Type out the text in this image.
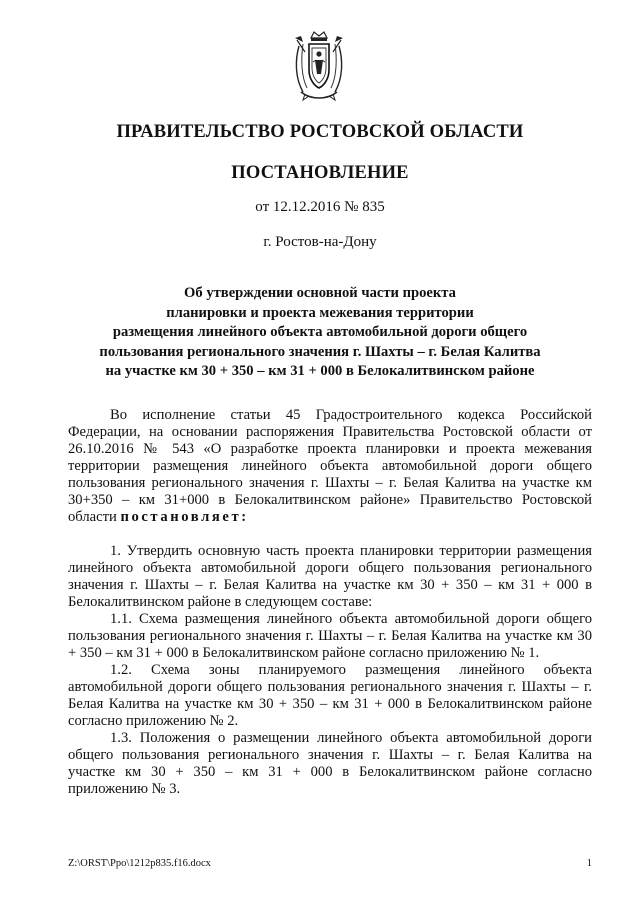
ПРАВИТЕЛЬСТВО РОСТОВСКОЙ ОБЛАСТИ
ПОСТАНОВЛЕНИЕ
от 12.12.2016 № 835
г. Ростов-на-Дону
Об утверждении основной части проекта
планировки и проекта межевания территории
размещения линейного объекта автомобильной дороги общего
пользования регионального значения г. Шахты – г. Белая Калитва
на участке км 30 + 350 – км 31 + 000 в Белокалитвинском районе

Во исполнение статьи 45 Градостроительного кодекса Российской Федерации, на основании распоряжения Правительства Ростовской области от 26.10.2016 № 543 «О разработке проекта планировки и проекта межевания территории размещения линейного объекта автомобильной дороги общего пользования регионального значения г. Шахты – г. Белая Калитва на участке км 30+350 – км 31+000 в Белокалитвинском районе» Правительство Ростовской области постановляет:

1. Утвердить основную часть проекта планировки территории размещения линейного объекта автомобильной дороги общего пользования регионального значения г. Шахты – г. Белая Калитва на участке км 30 + 350 – км 31 + 000 в Белокалитвинском районе в следующем составе:

1.1. Схема размещения линейного объекта автомобильной дороги общего пользования регионального значения г. Шахты – г. Белая Калитва на участке км 30 + 350 – км 31 + 000 в Белокалитвинском районе согласно приложению № 1.

1.2. Схема зоны планируемого размещения линейного объекта автомобильной дороги общего пользования регионального значения г. Шахты – г. Белая Калитва на участке км 30 + 350 – км 31 + 000 в Белокалитвинском районе согласно приложению № 2.

1.3. Положения о размещении линейного объекта автомобильной дороги общего пользования регионального значения г. Шахты – г. Белая Калитва на участке км 30 + 350 – км 31 + 000 в Белокалитвинском районе согласно приложению № 3.

Z:\ORST\Ppo\1212p835.f16.docx	1
